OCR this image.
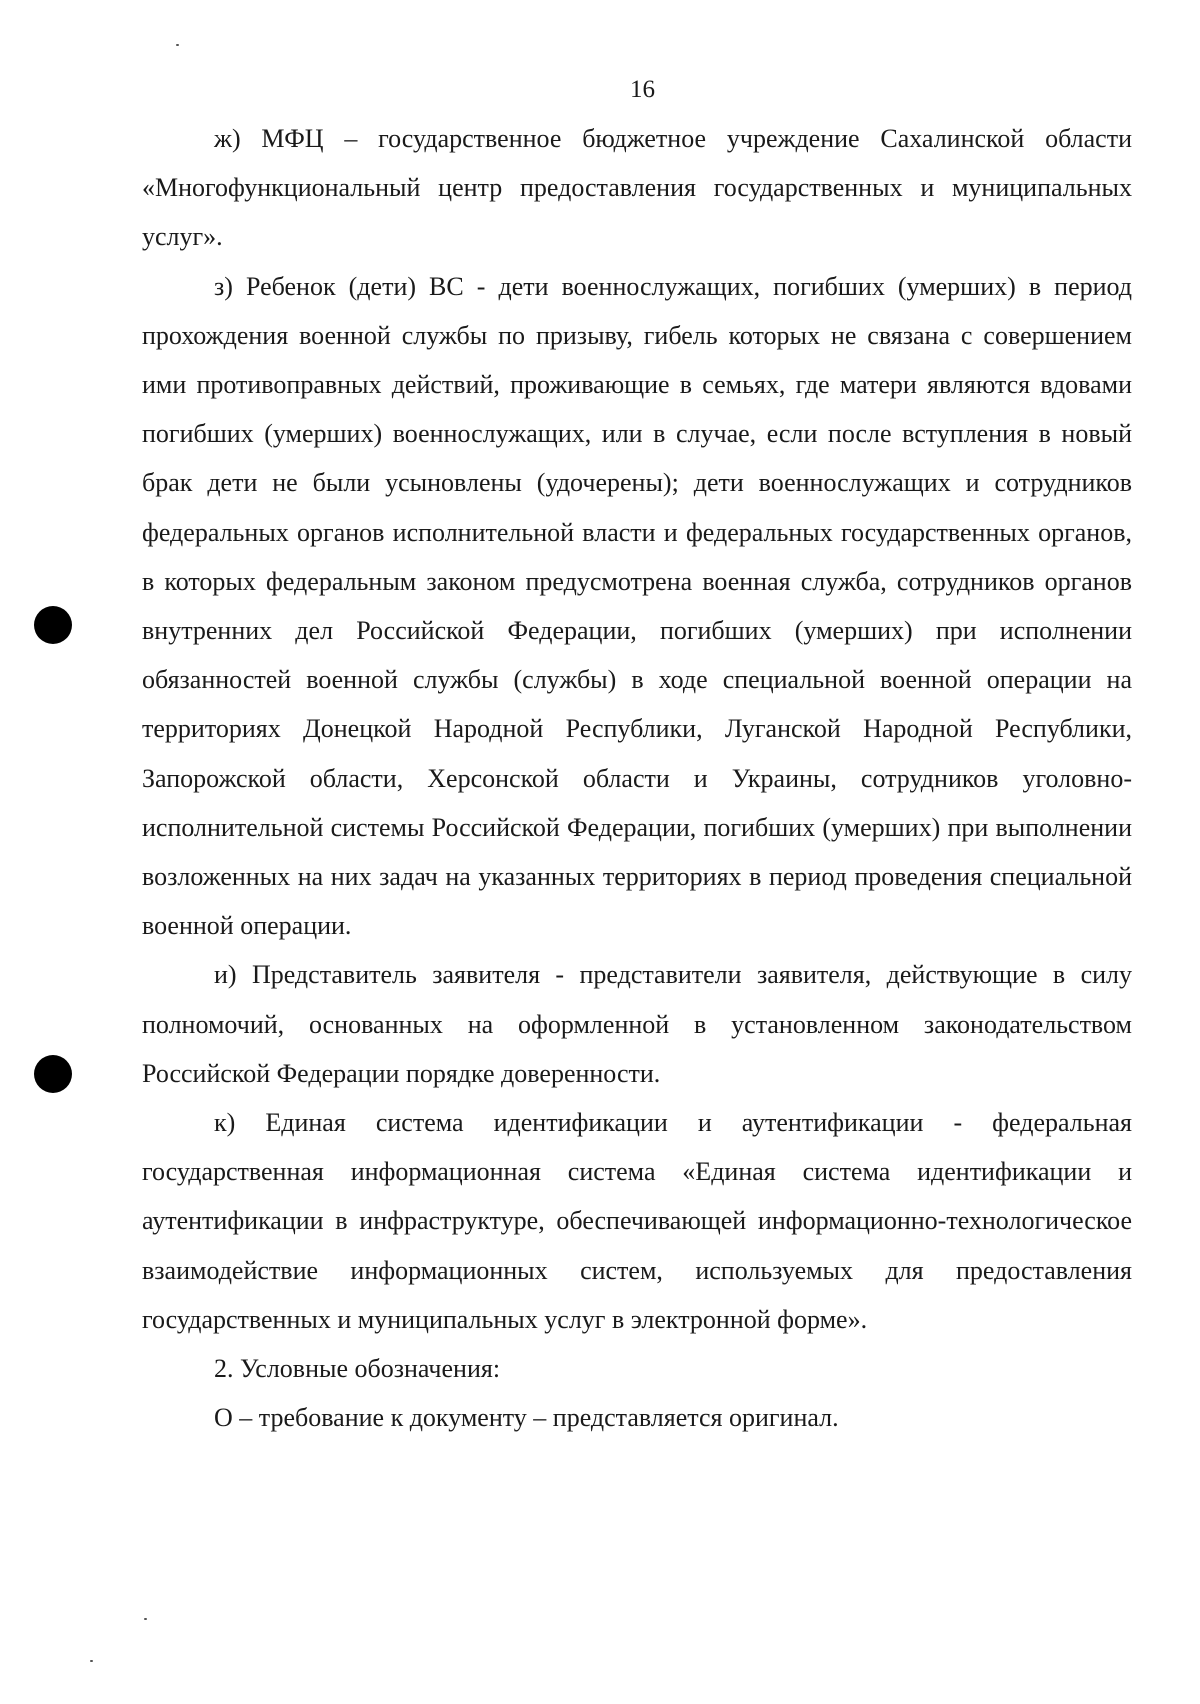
16

ж) МФЦ – государственное бюджетное учреждение Сахалинской области «Многофункциональный центр предоставления государственных и муниципальных услуг».

з) Ребенок (дети) ВС - дети военнослужащих, погибших (умерших) в период прохождения военной службы по призыву, гибель которых не связана с совершением ими противоправных действий, проживающие в семьях, где матери являются вдовами погибших (умерших) военнослужащих, или в случае, если после вступления в новый брак дети не были усыновлены (удочерены); дети военнослужащих и сотрудников федеральных органов исполнительной власти и федеральных государственных органов, в которых федеральным законом предусмотрена военная служба, сотрудников органов внутренних дел Российской Федерации, погибших (умерших) при исполнении обязанностей военной службы (службы) в ходе специальной военной операции на территориях Донецкой Народной Республики, Луганской Народной Республики, Запорожской области, Херсонской области и Украины, сотрудников уголовно-исполнительной системы Российской Федерации, погибших (умерших) при выполнении возложенных на них задач на указанных территориях в период проведения специальной военной операции.

и) Представитель заявителя - представители заявителя, действующие в силу полномочий, основанных на оформленной в установленном законодательством Российской Федерации порядке доверенности.

к) Единая система идентификации и аутентификации - федеральная государственная информационная система «Единая система идентификации и аутентификации в инфраструктуре, обеспечивающей информационно-технологическое взаимодействие информационных систем, используемых для предоставления государственных и муниципальных услуг в электронной форме».

2. Условные обозначения:

О – требование к документу – представляется оригинал.
